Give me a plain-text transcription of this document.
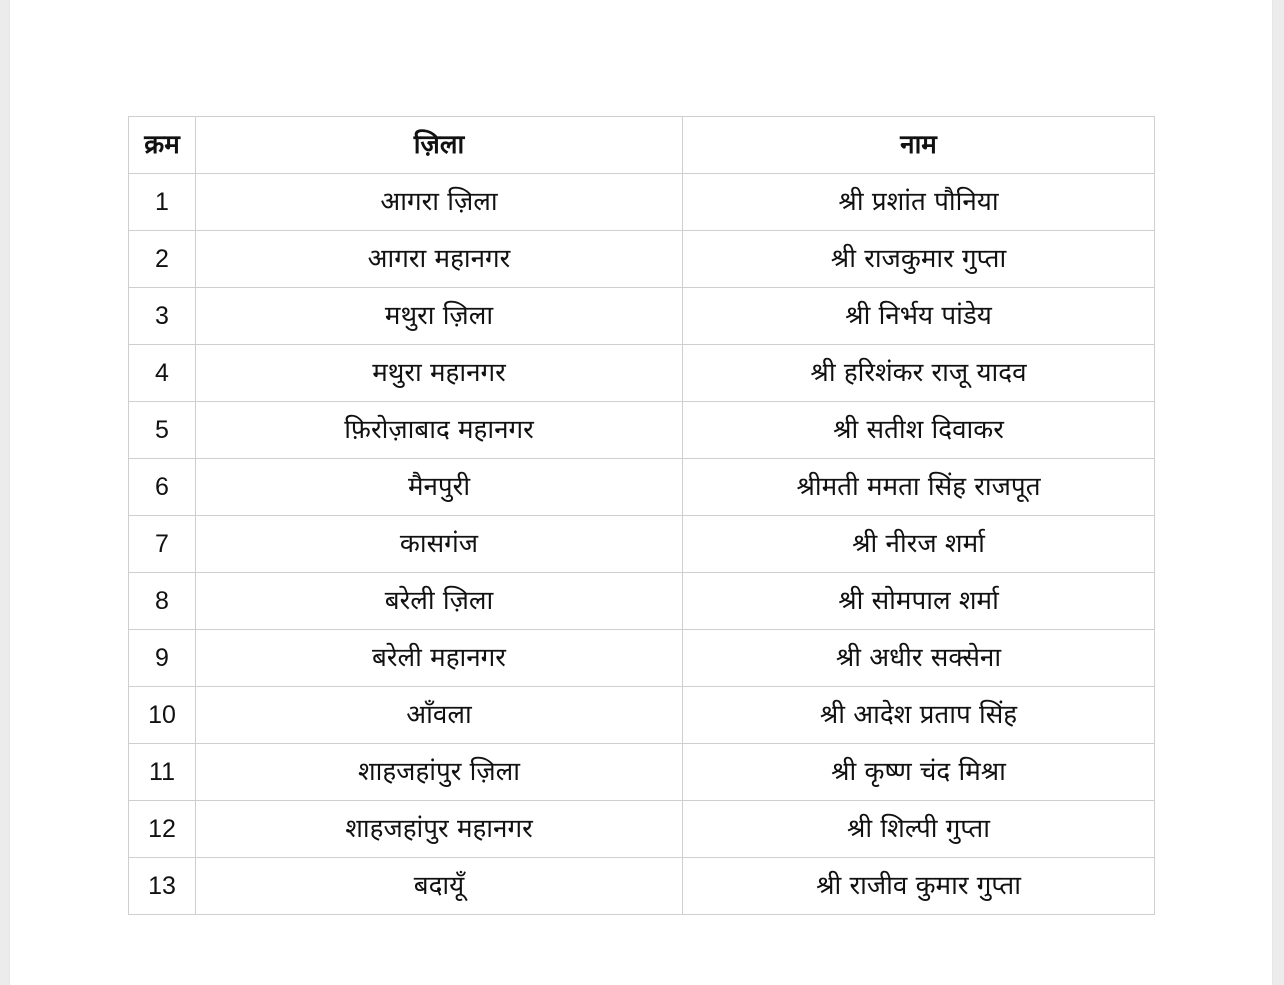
क्रम	ज़िला	नाम
1	आगरा ज़िला	श्री प्रशांत पौनिया
2	आगरा महानगर	श्री राजकुमार गुप्ता
3	मथुरा ज़िला	श्री निर्भय पांडेय
4	मथुरा महानगर	श्री हरिशंकर राजू यादव
5	फ़िरोज़ाबाद महानगर	श्री सतीश दिवाकर
6	मैनपुरी	श्रीमती ममता सिंह राजपूत
7	कासगंज	श्री नीरज शर्मा
8	बरेली ज़िला	श्री सोमपाल शर्मा
9	बरेली महानगर	श्री अधीर सक्सेना
10	आँवला	श्री आदेश प्रताप सिंह
11	शाहजहांपुर ज़िला	श्री कृष्ण चंद मिश्रा
12	शाहजहांपुर महानगर	श्री शिल्पी गुप्ता
13	बदायूँ	श्री राजीव कुमार गुप्ता
